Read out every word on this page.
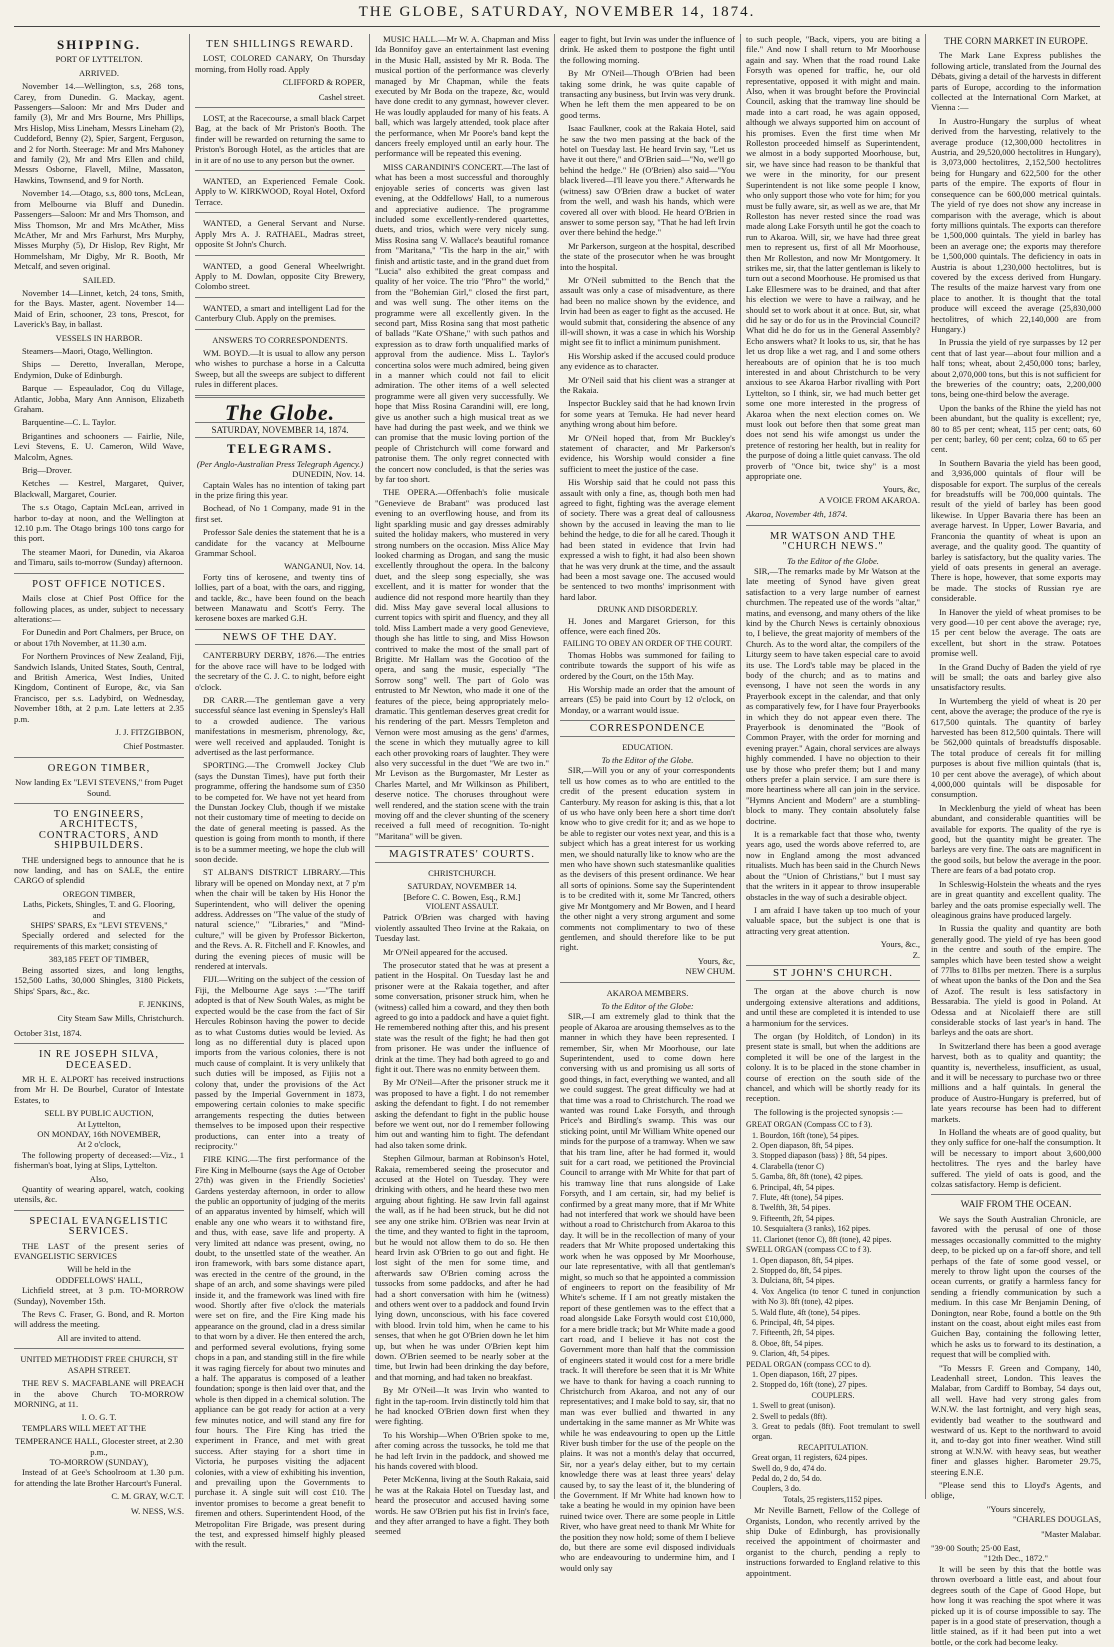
THE GLOBE, SATURDAY, NOVEMBER 14, 1874.
SHIPPING.
PORT OF LYTTELTON.
ARRIVED.

November 14.—Wellington, s.s, 268 tons, Carey, from Dunedin. G. Mackay, agent. Passengers—Saloon: Mr and Mrs Duder and family (3), Mr and Mrs Bourne, Mrs Phillips, Mrs Hislop, Miss Lineham, Messrs Lineham (2), Cuddeford, Benny (2), Spier, Sargent, Ferguson, and 2 for North. Steerage: Mr and Mrs Mahoney and family (2), Mr and Mrs Ellen and child, Messrs Osborne, Flavell, Milne, Massaton, Hawkins, Townsend, and 9 for North.

November 14.—Otago, s.s, 800 tons, McLean, from Melbourne via Bluff and Dunedin. Passengers—Saloon: Mr and Mrs Thomson, and Miss Thomson, Mr and Mrs McAther, Miss McAther, Mr and Mrs Farhurst, Mrs Murphy, Misses Murphy (5), Dr Hislop, Rev Right, Mr Hommelsham, Mr Digby, Mr R. Booth, Mr Metcalf, and seven original.

SAILED.

November 14—Linnet, ketch, 24 tons, Smith, for the Bays. Master, agent. November 14—Maid of Erin, schooner, 23 tons, Prescot, for Laverick's Bay, in ballast.

VESSELS IN HARBOR.

Steamers—Maori, Otago, Wellington.

Ships — Deretto, Inverallan, Merope, Endymion, Duke of Edinburgh.

Barque — Espeaulador, Coq du Village, Atlantic, Jobba, Mary Ann Annison, Elizabeth Graham.

Barquentine—C. L. Taylor.

Brigantines and schooners — Fairlie, Nile, Levi Stevens, E. U. Cameron, Wild Wave, Malcolm, Agnes.

Brig—Drover.

Ketches — Kestrel, Margaret, Quiver, Blackwall, Margaret, Courier.

The s.s Otago, Captain McLean, arrived in harbor to-day at noon, and the Wellington at 12.10 p.m. The Otago brings 100 tons cargo for this port.

The steamer Maori, for Dunedin, via Akaroa and Timaru, sails to-morrow (Sunday) afternoon.

POST OFFICE NOTICES.

Mails close at Chief Post Office for the following places, as under, subject to necessary alterations:—

For Dunedin and Port Chalmers, per Bruce, on or about 17th November, at 11.30 a.m.

For Northern Provinces of New Zealand, Fiji, Sandwich Islands, United States, South, Central, and British America, West Indies, United Kingdom, Continent of Europe, &c, via San Francisco, per s.s. Ladybird, on Wednesday, November 18th, at 2 p.m. Late letters at 2.35 p.m.

J. J. FITZGIBBON,
Chief Postmaster.
OREGON TIMBER,

Now landing Ex "LEVI STEVENS," from Puget Sound.

TO ENGINEERS, ARCHITECTS, CONTRACTORS, AND SHIPBUILDERS.

THE undersigned begs to announce that he is now landing, and has on SALE, the entire CARGO of splendid

OREGON TIMBER,
Laths, Pickets, Shingles, T. and G. Flooring,
and
SHIPS' SPARS, Ex "LEVI STEVENS,"

Specially ordered and selected for the requirements of this market; consisting of

383,185 FEET OF TIMBER,

Being assorted sizes, and long lengths, 152,500 Laths, 30,000 Shingles, 3180 Pickets, Ships' Spars, &c., &c.

F. JENKINS,
City Steam Saw Mills, Christchurch.
October 31st, 1874.
IN RE JOSEPH SILVA, DECEASED.

MR H. E. ALPORT has received instructions from Mr H. De Bourbel, Curator of Intestate Estates, to

SELL BY PUBLIC AUCTION,
At Lyttelton,
ON MONDAY, 16th NOVEMBER,
At 2 o'clock,

The following property of deceased:—Viz., 1 fisherman's boat, lying at Slips, Lyttelton.

Also,

Quantity of wearing apparel, watch, cooking utensils, &c.

SPECIAL EVANGELISTIC SERVICES.

THE LAST of the present series of EVANGELISTIC SERVICES

Will be held in the
ODDFELLOWS' HALL,

Lichfield street, at 3 p.m. TO-MORROW (Sunday), November 15th.

The Revs C. Fraser, G. Bond, and R. Morton will address the meeting.

All are invited to attend.
UNITED METHODIST FREE CHURCH, ST ASAPH STREET.

THE REV S. MACFABLANE will PREACH in the above Church TO-MORROW MORNING, at 11.

I. O. G. T.

TEMPLARS WILL MEET AT THE

TEMPERANCE HALL, Glocester street, at 2.30 p.m.,
TO-MORROW (SUNDAY),

Instead of at Gee's Schoolroom at 1.30 p.m. for attending the late Brother Harcourt's Funeral.

C. M. GRAY, W.C.T.
W. NESS, W.S.
TEN SHILLINGS REWARD.

LOST, COLORED CANARY, On Thursday morning, from Holly road. Apply

CLIFFORD & ROPER,
Cashel street.

LOST, at the Racecourse, a small black Carpet Bag, at the back of Mr Priston's Booth. The finder will be rewarded on returning the same to Priston's Borough Hotel, as the articles that are in it are of no use to any person but the owner.

WANTED, an Experienced Female Cook. Apply to W. KIRKWOOD, Royal Hotel, Oxford Terrace.

WANTED, a General Servant and Nurse. Apply Mrs A. J. RATHAEL, Madras street, opposite St John's Church.

WANTED, a good General Wheelwright. Apply to M. Dowlan, opposite City Brewery, Colombo street.

WANTED, a smart and intelligent Lad for the Canterbury Club. Apply on the premises.

ANSWERS TO CORRESPONDENTS.

WM. BOYD.—It is usual to allow any person who wishes to purchase a horse in a Calcutta Sweep, but all the sweeps are subject to different rules in different places.

The Globe.
SATURDAY, NOVEMBER 14, 1874.
TELEGRAMS.
(Per Anglo-Australian Press Telegraph Agency.)
DUNEDIN, Nov. 14.

Captain Wales has no intention of taking part in the prize firing this year.

Bochead, of No 1 Company, made 91 in the first set.

Professor Sale denies the statement that he is a candidate for the vacancy at Melbourne Grammar School.

WANGANUI, Nov. 14.

Forty tins of kerosene, and twenty tins of lollies, part of a boat, with the oars, and rigging, and tackle, &c., have been found on the beach between Manawatu and Scott's Ferry. The kerosene boxes are marked G.H.

NEWS OF THE DAY.

CANTERBURY DERBY, 1876.—The entries for the above race will have to be lodged with the secretary of the C. J. C. to night, before eight o'clock.

DR CARR.—The gentleman gave a very successful séance last evening in Spensley's Hall to a crowded audience. The various manifestations in mesmerism, phrenology, &c, were well received and applauded. Tonight is advertised as the last performance.

SPORTING.—The Cromwell Jockey Club (says the Dunstan Times), have put forth their programme, offering the handsome sum of £350 to be competed for. We have not yet heard from the Dunstan Jockey Club, though if we mistake not their customary time of meeting to decide on the date of general meeting is passed. As the question is going from month to month, if there is to be a summer meeting, we hope the club will soon decide.

ST ALBAN'S DISTRICT LIBRARY.—This library will be opened on Monday next, at 7 p'm when the chair will be taken by His Honor the Superintendent, who will deliver the opening address. Addresses on "The value of the study of natural science," "Libraries," and "Mind-culture," will be given by Professor Bickerton, and the Revs. A. R. Fitchell and F. Knowles, and during the evening pieces of music will be rendered at intervals.

FIJI.—Writing on the subject of the cession of Fiji, the Melbourne Age says :—"The tariff adopted is that of New South Wales, as might be expected would be the case from the fact of Sir Hercules Robinson having the power to decide as to what Customs duties would be levied. As long as no differential duty is placed upon imports from the various colonies, there is not much cause of complaint. It is very unlikely that such duties will be imposed, as Fijiis not a colony that, under the provisions of the Act passed by the Imperial Government in 1873, empowering certain colonies to make specific arrangements respecting the duties between themselves to be imposed upon their respective productions, can enter into a treaty of reciprocity."

FIRE KING.—The first performance of the Fire King in Melbourne (says the Age of October 27th) was given in the Friendly Societies' Gardens yesterday afternoon, in order to allow the public an opportunity of judging of the merits of an apparatus invented by himself, which will enable any one who wears it to withstand fire, and thus, with ease, save life and property. A very limited att ndance was present, owing, no doubt, to the unsettled state of the weather. An iron framework, with bars some distance apart, was erected in the centre of the ground, in the shape of an arch, and some shavings were piled inside it, and the framework was lined with fire wood. Shortly after five o'clock the materials were set on fire, and the Fire King made his appearance on the ground, clad in a dress similar to that worn by a diver. He then entered the arch, and performed several evolutions, frying some chops in a pan, and standing still in the fire while it was raging fiercely for about two minutes and a half. The apparatus is composed of a leather foundation; sponge is then laid over that, and the whole is then dipped in a chemical solution. The appliance can be got ready for action at a very few minutes notice, and will stand any fire for four hours. The Fire King has tried the experiment in France, and met with great success. After staying for a short time in Victoria, he purposes visiting the adjacent colonies, with a view of exhibiting his invention, and prevailing upon the Governments to purchase it. A single suit will cost £10. The inventor promises to become a great benefit to firemen and others. Superintendent Hood, of the Metropolitan Fire Brigade, was present during the test, and expressed himself highly pleased with the result.

MUSIC HALL.—Mr W. A. Chapman and Miss Ida Bonnifoy gave an entertainment last evening in the Music Hall, assisted by Mr R. Boda. The musical portion of the performance was cleverly managed by Mr Chapman, while the feats executed by Mr Boda on the trapeze, &c, would have done credit to any gymnast, however clever. He was loudly applauded for many of his feats. A ball, which was largely attended, took place after the performance, when Mr Poore's band kept the dancers freely employed until an early hour. The performance will be repeated this evening.

MISS CARANDINI'S CONCERT.—The last of what has been a most successful and thoroughly enjoyable series of concerts was given last evening, at the Oddfellows' Hall, to a numerous and appreciative audience. The programme included some excellently-rendered quartettes, duets, and trios, which were very nicely sung. Miss Rosina sang V. Wallace's beautiful romance from "Maritana," "Tis the harp in the air," with finish and artistic taste, and in the grand duet from "Lucia" also exhibited the great compass and quality of her voice. The trio "Phro'" the world," from the "Bohemian Girl," closed the first part, and was well sung. The other items on the programme were all excellently given. In the second part, Miss Rosina sang that most pathetic of ballads "Kate O'Shane," with such pathos and expression as to draw forth unqualified marks of approval from the audience. Miss L. Taylor's concertina solos were much admired, being given in a manner which could not fail to elicit admiration. The other items of a well selected programme were all given very successfully. We hope that Miss Rosina Carandini will, ere long, give us another such a high musical treat as we have had during the past week, and we think we can promise that the music loving portion of the people of Christchurch will come forward and patronise them. The only regret connected with the concert now concluded, is that the series was by far too short.

THE OPERA.—Offenbach's folie musicale "Genevieve de Brabant" was produced last evening to an overflowing house, and from its light sparkling music and gay dresses admirably suited the holiday makers, who mustered in very strong numbers on the occasion. Miss Alice May looked charming as Drogan, and sang the music excellently throughout the opera. In the balcony duet, and the sleep song especially, she was excellent, and it is matter for wonder that the audience did not respond more heartily than they did. Miss May gave several local allusions to current topics with spirit and fluency, and they all told. Miss Lambert made a very good Genevieve, though she has little to sing, and Miss Howson contrived to make the most of the small part of Brigitte. Mr Hallam was the Gocotioo of the opera, and sang the music, especially "The Sorrow song" well. The part of Golo was entrusted to Mr Newton, who made it one of the features of the piece, being appropriately melo-dramatic. This gentleman deserves great credit for his rendering of the part. Messrs Templeton and Vernon were most amusing as the gens' d'armes, the scene in which they mutually agree to kill each other provoking roars of laughter. They were also very successful in the duet "We are two in." Mr Levison as the Burgomaster, Mr Lester as Charles Martel, and Mr Wilkinson as Philibert, deserve notice. The choruses throughout were well rendered, and the station scene with the train moving off and the clever shunting of the scenery received a full meed of recognition. To-night "Maritana" will be given.

MAGISTRATES' COURTS.
CHRISTCHURCH.
SATURDAY, NOVEMBER 14.
[Before C. C. Bowen, Esq., R.M.]
VIOLENT ASSAULT.

Patrick O'Brien was charged with having violently assaulted Theo Irvine at the Rakaia, on Tuesday last.

Mr O'Neil appeared for the accused.

The prosecutor stated that he was at present a patient in the Hospital. On Tuesday last he and prisoner were at the Rakaia together, and after some conversation, prisoner struck him, when he (witness) called him a coward, and they then both agreed to go into a paddock and have a quiet fight. He remembered nothing after this, and his present state was the result of the fight; he had then got from prisoner. He was under the influence of drink at the time. They had both agreed to go and fight it out. There was no enmity between them.

By Mr O'Neil—After the prisoner struck me it was proposed to have a fight. I do not remember asking the defendant to fight. I do not remember asking the defendant to fight in the public house before we went out, nor do I remember following him out and wanting him to fight. The defendant had also taken some drink.

Stephen Gilmour, barman at Robinson's Hotel, Rakaia, remembered seeing the prosecutor and accused at the Hotel on Tuesday. They were drinking with others, and he heard these two men arguing about fighting. He saw Irvin fall against the wall, as if he had been struck, but he did not see any one strike him. O'Brien was near Irvin at the time, and they wanted to fight in the taproom, but he would not allow them to do so. He then heard Irvin ask O'Brien to go out and fight. He lost sight of the men for some time, and afterwards saw O'Brien coming across the tussocks from some paddocks, and after he had had a short conversation with him he (witness) and others went over to a paddock and found Irvin lying down, unconscious, with his face covered with blood. Irvin told him, when he came to his senses, that when he got O'Brien down he let him up, but when he was under O'Brien kept him down. O'Brien seemed to be nearly sober at the time, but Irwin had been drinking the day before, and that morning, and had taken no breakfast.

By Mr O'Neil—It was Irvin who wanted to fight in the tap-room. Irvin distinctly told him that he had knocked O'Brien down first when they were fighting.

To his Worship—When O'Brien spoke to me, after coming across the tussocks, he told me that he had left Irvin in the paddock, and showed me his hands covered with blood.

Peter McKenna, living at the South Rakaia, said he was at the Rakaia Hotel on Tuesday last, and heard the prosecutor and accused having some words. He saw O'Brien put his fist in Irvin's face, and they after arranged to have a fight. They both seemed

eager to fight, but Irvin was under the influence of drink. He asked them to postpone the fight until the following morning.

By Mr O'Neil—Though O'Brien had been taking some drink, he was quite capable of transacting any business, but Irvin was very drunk. When he left them the men appeared to be on good terms.

Isaac Faulkner, cook at the Rakaia Hotel, said he saw the two men passing at the back of the hotel on Tuesday last. He heard Irvin say, "Let us have it out there," and O'Brien said—"No, we'll go behind the hedge." He (O'Brien) also said—"You black livered—I'll leave you there." Afterwards he (witness) saw O'Brien draw a bucket of water from the well, and wash his hands, which were covered all over with blood. He heard O'Brien in answer to some person say, "That he had left Irvin over there behind the hedge."

Mr Parkerson, surgeon at the hospital, described the state of the prosecutor when he was brought into the hospital.

Mr O'Neil submitted to the Bench that the assault was only a case of misadventure, as there had been no malice shown by the evidence, and Irvin had been as eager to fight as the accused. He would submit that, considering the absence of any ill-will shown, it was a case in which his Worship might see fit to inflict a minimum punishment.

His Worship asked if the accused could produce any evidence as to character.

Mr O'Neil said that his client was a stranger at the Rakaia.

Inspector Buckley said that he had known Irvin for some years at Temuka. He had never heard anything wrong about him before.

Mr O'Neil hoped that, from Mr Buckley's statement of character, and Mr Parkerson's evidence, his Worship would consider a fine sufficient to meet the justice of the case.

His Worship said that he could not pass this assault with only a fine, as, though both men had agreed to fight, fighting was the average element of society. There was a great deal of callousness shown by the accused in leaving the man to lie behind the hedge, to die for all he cared. Though it had been stated in evidence that Irvin had expressed a wish to fight, it had also been shown that he was very drunk at the time, and the assault had been a most savage one. The accused would be sentenced to two months' imprisonment with hard labor.

DRUNK AND DISORDERLY.

H. Jones and Margaret Grierson, for this offence, were each fined 20s.

FAILING TO OBEY AN ORDER OF THE COURT.

Thomas Hobbs was summoned for failing to contribute towards the support of his wife as ordered by the Court, on the 15th May.

His Worship made an order that the amount of arrears (£5) be paid into Court by 12 o'clock, on Monday, or a warrant would issue.

CORRESPONDENCE
EDUCATION.
To the Editor of the Globe.

SIR,—Will you or any of your correspondents tell us how comes as to who are entitled to the credit of the present education system in Canterbury. My reason for asking is this, that a lot of us who have only been here a short time don't know who to give credit for it; and as we hope to be able to register our votes next year, and this is a subject which has a great interest for us working men, we should naturally like to know who are the men who have shown such statesmanlike qualities as the devisers of this present ordinance. We hear all sorts of opinions. Some say the Superintendent is to be credited with it, some Mr Tancred, others give Mr Montgomery and Mr Bowen, and I heard the other night a very strong argument and some comments not complimentary to two of these gentlemen, and should therefore like to be put right.

Yours, &c,
NEW CHUM.
AKAROA MEMBERS.
To the Editor of the Globe:

SIR,—I am extremely glad to think that the people of Akaroa are arousing themselves as to the manner in which they have been represented. I remember, Sir, when Mr Moorhouse, our late Superintendent, used to come down here conversing with us and promising us all sorts of good things, in fact, everything we wanted, and all we could suggest. The great difficulty we had at that time was a road to Christchurch. The road we wanted was round Lake Forsyth, and through Price's and Birdling's swamp. This was our sticking point, until Mr William White opened our minds for the purpose of a tramway. When we saw that his tram line, after he had formed it, would suit for a cart road, we petitioned the Provincial Council to arrange with Mr White for that part of his tramway line that runs alongside of Lake Forsyth, and I am certain, sir, had my belief is confirmed by a great many more, that if Mr White had not interfered that work we should have been without a road to Christchurch from Akaroa to this day. It will be in the recollection of many of your readers that Mr White proposed undertaking this work when he was opposed by Mr Moorhouse, our late representative, with all that gentleman's might, so much so that he appointed a commission of engineers to report on the feasibility of Mr White's scheme. If I am not greatly mistaken the report of these gentlemen was to the effect that a road alongside Lake Forsyth would cost £10,000, for a mere bridle track; but Mr White made a good cart road, and I believe it has not cost the Government more than half that the commission of engineers stated it would cost for a mere bridle track. It will therefore be seen that it is Mr White we have to thank for having a coach running to Christchurch from Akaroa, and not any of our representatives; and I make bold to say, sir, that no man was ever bullied and thwarted in any undertaking in the same manner as Mr White was while he was endeavouring to open up the Little River bush timber for the use of the people on the plains. It was not a month's delay that occurred, Sir, nor a year's delay either, but to my certain knowledge there was at least three years' delay caused by, to say the least of it, the blundering of the Government. If Mr White had known how to take a beating he would in my opinion have been ruined twice over. There are some people in Little River, who have great need to thank Mr White for the position they now hold; some of them I believe do, but there are some evil disposed individuals who are endeavouring to undermine him, and I would only say

to such people, "Back, vipers, you are biting a file." And now I shall return to Mr Moorhouse again and say. When that the road round Lake Forsyth was opened for traffic, he, our old representative, opposed it with might and main. Also, when it was brought before the Provincial Council, asking that the tramway line should be made into a cart road, he was again opposed, although we always supported him on account of his promises. Even the first time when Mr Rolleston proceeded himself as Superintendent, we almost in a body supported Moorhouse, but, sir, we have since had reason to be thankful that we were in the minority, for our present Superintendent is not like some people I know, who only support those who vote for him; for you must be fully aware, sir, as well as we are, that Mr Rolleston has never rested since the road was made along Lake Forsyth until he got the coach to run to Akaroa. Will, sir, we have had three great men to represent us, first of all Mr Moorhouse, then Mr Rolleston, and now Mr Montgomery. It strikes me, sir, that the latter gentleman is likely to turn out a second Moorhouse. He promised us that Lake Ellesmere was to be drained, and that after his election we were to have a railway, and he should set to work about it at once. But, sir, what did he say or do for us in the Provincial Council? What did he do for us in the General Assembly? Echo answers what? It looks to us, sir, that he has let us drop like a wet rag, and I and some others hereabouts are of opinion that he is too much interested in and about Christchurch to be very anxious to see Akaroa Harbor rivalling with Port Lyttelton, so I think, sir, we had much better get some one more interested in the progress of Akaroa when the next election comes on. We must look out before then that some great man does not send his wife amongst us under the pretence of restoring her health, but in reality for the purpose of doing a little quiet canvass. The old proverb of "Once bit, twice shy" is a most appropriate one.

Yours, &c,
A VOICE FROM AKAROA.
Akaroa, November 4th, 1874.
MR WATSON AND THE "CHURCH NEWS."
To the Editor of the Globe.

SIR,—The remarks made by Mr Watson at the late meeting of Synod have given great satisfaction to a very large number of earnest churchmen. The repeated use of the words "altar," matins, and evensong, and many others of the like kind by the Church News is certainly obnoxious to, I believe, the great majority of members of the Church. As to the word altar, the compilers of the Liturgy seem to have taken especial care to avoid its use. The Lord's table may be placed in the body of the church; and as to matins and evensong, I have not seen the words in any Prayerbook except in the calendar, and that only as comparatively few, for I have four Prayerbooks in which they do not appear even there. The Prayerbook is denominated the "Book of Common Prayer, with the order for morning and evening prayer." Again, choral services are always highly commended. I have no objection to their use by those who prefer them; but I and many others prefer a plain service. I am sure there is more heartiness where all can join in the service. "Hymns Ancient and Modern" are a stumbling-block to many. They contain absolutely false doctrine.

It is a remarkable fact that those who, twenty years ago, used the words above referred to, are now in England among the most advanced ritualists. Much has been said in the Church News about the "Union of Christians," but I must say that the writers in it appear to throw insuperable obstacles in the way of such a desirable object.

I am afraid I have taken up too much of your valuable space, but the subject is one that is attracting very great attention.

Yours, &c.,
Z.
ST JOHN'S CHURCH.

The organ at the above church is now undergoing extensive alterations and additions, and until these are completed it is intended to use a harmonium for the services.

The organ (by Holditch, of London) in its present state is small, but when the additions are completed it will be one of the largest in the colony. It is to be placed in the stone chamber in course of erection on the south side of the chancel, and which will be shortly ready for its reception.

The following is the projected synopsis :—

GREAT ORGAN (Compass CC to f 3).
1. Bourdon, 16ft (tone), 54 pipes.
2. Open diapason, 8ft, 54 pipes.
3. Stopped diapason (bass) } 8ft, 54 pipes.
4. Clarabella (tenor C)
5. Gamba, 8ft, 8ft (tone), 42 pipes.
6. Principal, 4ft, 54 pipes.
7. Flute, 4ft (tone), 54 pipes.
8. Twelfth, 3ft, 54 pipes.
9. Fifteenth, 2ft, 54 pipes.
10. Sesquialtera (3 ranks), 162 pipes.
11. Clarionet (tenor C), 8ft (tone), 42 pipes.
SWELL ORGAN (compass CC to f 3).
1. Open diapason, 8ft, 54 pipes.
2. Stopped do, 8ft, 54 pipes.
3. Dulciana, 8ft, 54 pipes.
4. Vox Angelica (to tenor C tuned in conjunction with No 3). 8ft (tone), 42 pipes.
5. Wald flute, 4ft (tone), 54 pipes.
6. Principal, 4ft, 54 pipes.
7. Fifteenth, 2ft, 54 pipes.
8. Oboe, 8ft, 54 pipes.
9. Clarion, 4ft, 54 pipes.
PEDAL ORGAN (compass CCC to d).
1. Open diapason, 16ft, 27 pipes.
2. Stopped do, 16ft (tone), 27 pipes.
COUPLERS.
1. Swell to great (unison).
2. Swell to pedals (8ft).
3. Great to pedals (8ft). Foot tremulant to swell organ.
RECAPITULATION.
Great organ, 11 registers, 624 pipes.
Swell do, 9 do, 474 do.
Pedal do, 2 do, 54 do.
Couplers, 3 do.
Totals, 25 registers,1152 pipes.

Mr Neville Barnett, Fellow of the College of Organists, London, who recently arrived by the ship Duke of Edinburgh, has provisionally received the appointment of choirmaster and organist to the church, pending a reply to instructions forwarded to England relative to this appointment.

THE CORN MARKET IN EUROPE.

The Mark Lane Express publishes the following article, translated from the Journal des Débats, giving a detail of the harvests in different parts of Europe, according to the information collected at the International Corn Market, at Vienna :—

In Austro-Hungary the surplus of wheat derived from the harvesting, relatively to the average produce (12,300,000 hectolitres in Austria, and 29,520,000 hectolitres in Hungary), is 3,073,000 hectolitres, 2,152,500 hectolitres being for Hungary and 622,500 for the other parts of the empire. The exports of flour in consequence can be 600,000 metrical quintals. The yield of rye does not show any increase in comparison with the average, which is about forty millions quintals. The exports can therefore be 1,500,000 quintals. The yield in barley has been an average one; the exports may therefore be 1,500,000 quintals. The deficiency in oats in Austria is about 1,230,000 hectolitres, but is covered by the excess derived from Hungary. The results of the maize harvest vary from one place to another. It is thought that the total produce will exceed the average (25,830,000 hectolitres, of which 22,140,000 are from Hungary.)

In Prussia the yield of rye surpasses by 12 per cent that of last year—about four million and a half tons; wheat, about 2,450,000 tons; barley, about 2,070,000 tons, but this is not sufficient for the breweries of the country; oats, 2,200,000 tons, being one-third below the average.

Upon the banks of the Rhine the yield has not been abundant, but the quality is excellent; rye, 80 to 85 per cent; wheat, 115 per cent; oats, 60 per cent; barley, 60 per cent; colza, 60 to 65 per cent.

In Southern Bavaria the yield has been good, and 3,936,000 quintals of flour will be disposable for export. The surplus of the cereals for breadstuffs will be 700,000 quintals. The result of the yield of barley has been good likewise. In Upper Bavaria there has been an average harvest. In Upper, Lower Bavaria, and Franconia the quantity of wheat is upon an average, and the quality good. The quantity of barley is satisfactory, but the quality varies. The yield of oats presents in general an average. There is hope, however, that some exports may be made. The stocks of Russian rye are considerable.

In Hanover the yield of wheat promises to be very good—10 per cent above the average; rye, 15 per cent below the average. The oats are excellent, but short in the straw. Potatoes promise well.

In the Grand Duchy of Baden the yield of rye will be small; the oats and barley give also unsatisfactory results.

In Wurtemberg the yield of wheat is 20 per cent, above the average; the produce of the rye is 617,500 quintals. The quantity of barley harvested has been 812,500 quintals. There will be 562,000 quintals of breadstuffs disposable. The total produce of cereals fit for milling purposes is about five million quintals (that is, 10 per cent above the average), of which about 4,000,000 quintals will be disposable for consumption.

In Mecklenburg the yield of wheat has been abundant, and considerable quantities will be available for exports. The quality of the rye is good, but the quantity might be greater. The barleys are very fine. The oats are magnificent in the good soils, but below the average in the poor. There are fears of a bad potato crop.

In Schleswig-Holstein the wheats and the ryes are in great quantity and excellent quality. The barley and the oats promise especially well. The oleaginous grains have produced largely.

In Russia the quality and quantity are both generally good. The yield of rye has been good in the centre and south of the empire. The samples which have been tested show a weight of 77lbs to 81lbs per metzen. There is a surplus of wheat upon the banks of the Don and the Sea of Azof. The result is less satisfactory in Bessarabia. The yield is good in Poland. At Odessa and at Nicolaieff there are still considerable stocks of last year's in hand. The barleys and the oats are short.

In Switzerland there has been a good average harvest, both as to quality and quantity; the quantity is, nevertheless, insufficient, as usual, and it will be necessary to purchase two or three millions and a half quintals. In general the produce of Austro-Hungary is preferred, but of late years recourse has been had to different markets.

In Holland the wheats are of good quality, but they only suffice for one-half the consumption. It will be necessary to import about 3,600,000 hectolitres. The ryes and the barley have suffered. The yield of oats is good, and the colzas satisfactory. Hemp is deficient.

WAIF FROM THE OCEAN.

We says the South Australian Chronicle, are favored with the perusal of one of those messages occasionally committed to the mighty deep, to be picked up on a far-off shore, and tell perhaps of the fate of some good vessel, or merely to throw light upon the courses of the ocean currents, or gratify a harmless fancy for sending a friendly communication by such a medium. In this case Mr Benjamin Dening, of Donington, near Robe, found a bottle on the 9th instant on the coast, about eight miles east from Guichen Bay, containing the following letter, which he asks us to forward to its destination, a request that will be complied with.

"To Messrs F. Green and Company, 140, Leadenhall street, London. This leaves the Malabar, from Cardiff to Bombay, 54 days out, all well. Have had very strong gales from W.N.W. the last fortnight, and very high seas, evidently bad weather to the southward and westward of us. Kept to the northward to avoid it, and to-day got into finer weather. Wind still strong at W.N.W. with heavy seas, but weather finer and glasses higher. Barometer 29.75, steering E.N.E.

"Please send this to Lloyd's Agents, and oblige,

"Yours sincerely,
"CHARLES DOUGLAS,
"Master Malabar.
"39·00 South; 25·00 East,
"12th Dec., 1872."

It will be seen by this that the bottle was thrown overboard a little east, and about four degrees south of the Cape of Good Hope, but how long it was reaching the spot where it was picked up it is of course impossible to say. The paper is in a good state of preservation, though a little stained, as if it had been put into a wet bottle, or the cork had become leaky.
